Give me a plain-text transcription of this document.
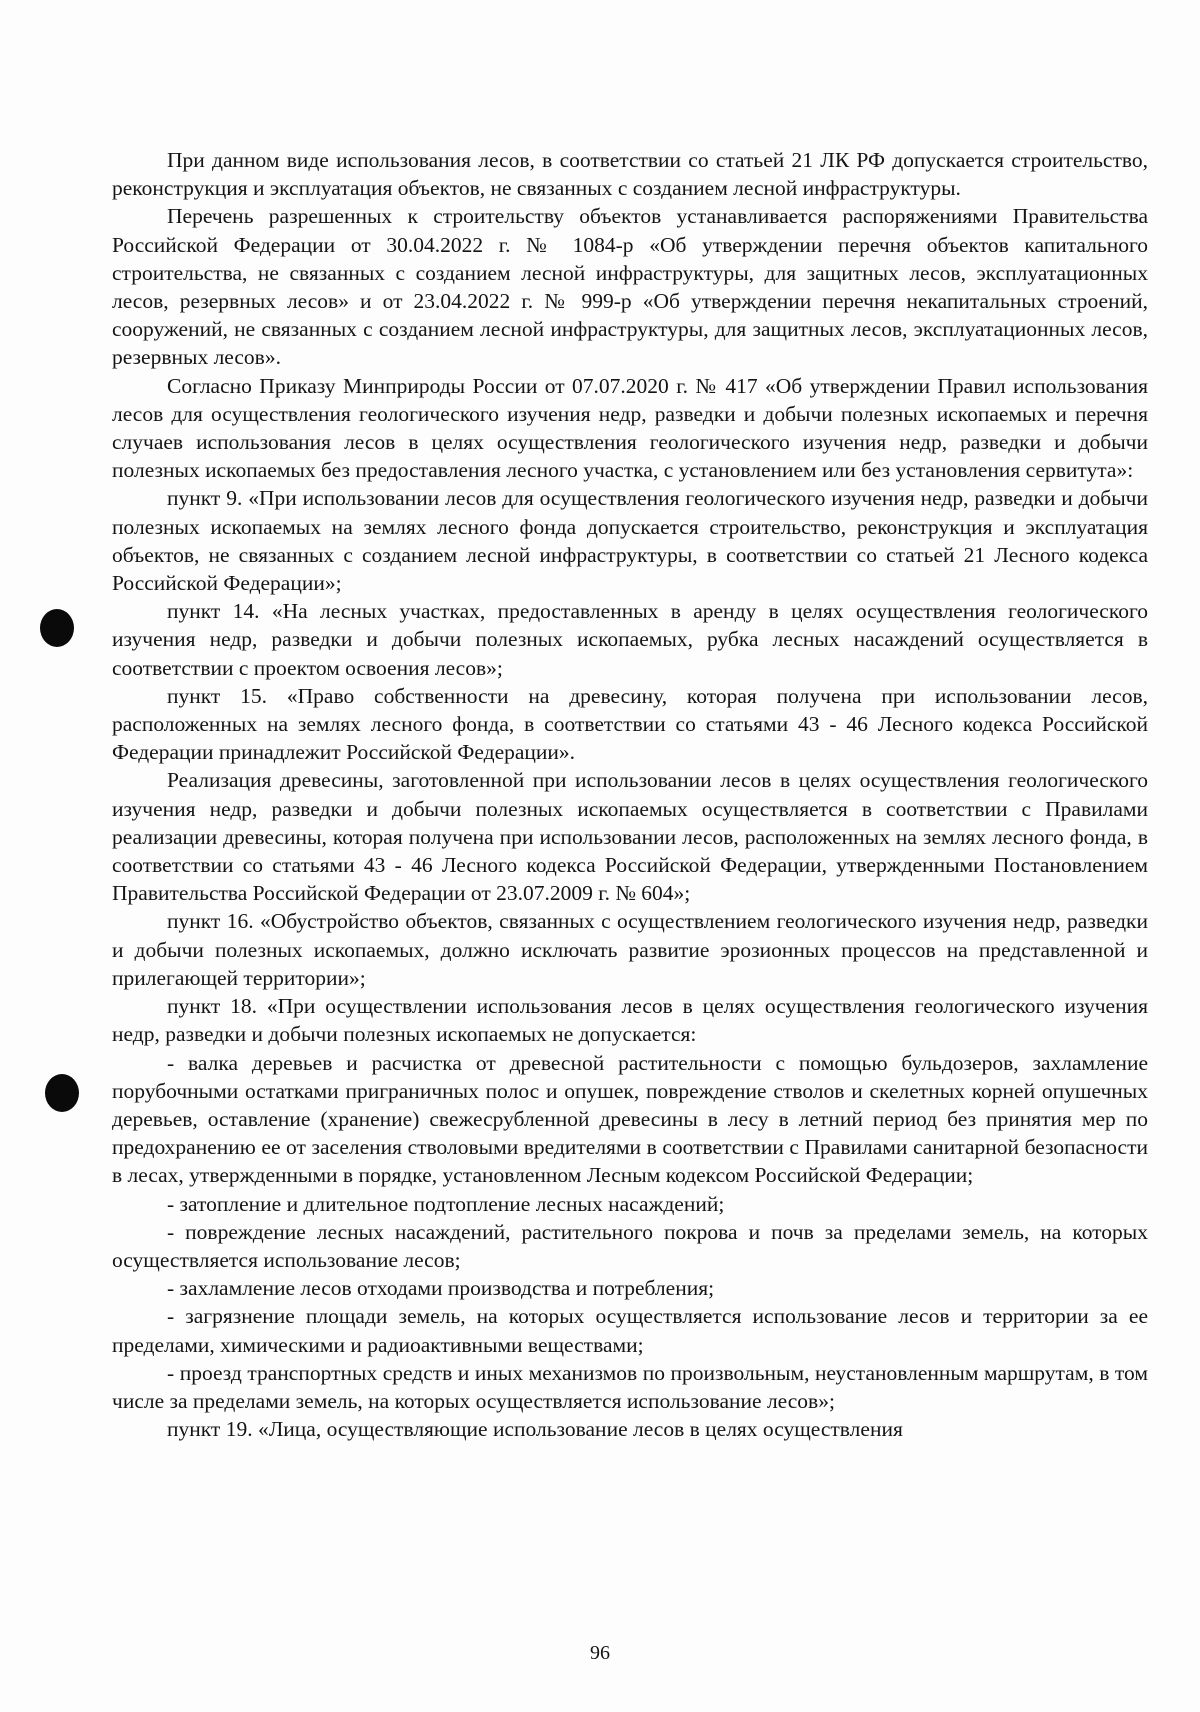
При данном виде использования лесов, в соответствии со статьей 21 ЛК РФ допускается строительство, реконструкция и эксплуатация объектов, не связанных с созданием лесной инфраструктуры.

Перечень разрешенных к строительству объектов устанавливается распоряжениями Правительства Российской Федерации от 30.04.2022 г. № 1084-р «Об утверждении перечня объектов капитального строительства, не связанных с созданием лесной инфраструктуры, для защитных лесов, эксплуатационных лесов, резервных лесов» и от 23.04.2022 г. № 999-р «Об утверждении перечня некапитальных строений, сооружений, не связанных с созданием лесной инфраструктуры, для защитных лесов, эксплуатационных лесов, резервных лесов».

Согласно Приказу Минприроды России от 07.07.2020 г. № 417 «Об утверждении Правил использования лесов для осуществления геологического изучения недр, разведки и добычи полезных ископаемых и перечня случаев использования лесов в целях осуществления геологического изучения недр, разведки и добычи полезных ископаемых без предоставления лесного участка, с установлением или без установления сервитута»:

пункт 9. «При использовании лесов для осуществления геологического изучения недр, разведки и добычи полезных ископаемых на землях лесного фонда допускается строительство, реконструкция и эксплуатация объектов, не связанных с созданием лесной инфраструктуры, в соответствии со статьей 21 Лесного кодекса Российской Федерации»;

пункт 14. «На лесных участках, предоставленных в аренду в целях осуществления геологического изучения недр, разведки и добычи полезных ископаемых, рубка лесных насаждений осуществляется в соответствии с проектом освоения лесов»;

пункт 15. «Право собственности на древесину, которая получена при использовании лесов, расположенных на землях лесного фонда, в соответствии со статьями 43 - 46 Лесного кодекса Российской Федерации принадлежит Российской Федерации».

Реализация древесины, заготовленной при использовании лесов в целях осуществления геологического изучения недр, разведки и добычи полезных ископаемых осуществляется в соответствии с Правилами реализации древесины, которая получена при использовании лесов, расположенных на землях лесного фонда, в соответствии со статьями 43 - 46 Лесного кодекса Российской Федерации, утвержденными Постановлением Правительства Российской Федерации от 23.07.2009 г. № 604»;

пункт 16. «Обустройство объектов, связанных с осуществлением геологического изучения недр, разведки и добычи полезных ископаемых, должно исключать развитие эрозионных процессов на представленной и прилегающей территории»;

пункт 18. «При осуществлении использования лесов в целях осуществления геологического изучения недр, разведки и добычи полезных ископаемых не допускается:

- валка деревьев и расчистка от древесной растительности с помощью бульдозеров, захламление порубочными остатками приграничных полос и опушек, повреждение стволов и скелетных корней опушечных деревьев, оставление (хранение) свежесрубленной древесины в лесу в летний период без принятия мер по предохранению ее от заселения стволовыми вредителями в соответствии с Правилами санитарной безопасности в лесах, утвержденными в порядке, установленном Лесным кодексом Российской Федерации;

- затопление и длительное подтопление лесных насаждений;

- повреждение лесных насаждений, растительного покрова и почв за пределами земель, на которых осуществляется использование лесов;

- захламление лесов отходами производства и потребления;

- загрязнение площади земель, на которых осуществляется использование лесов и территории за ее пределами, химическими и радиоактивными веществами;

- проезд транспортных средств и иных механизмов по произвольным, неустановленным маршрутам, в том числе за пределами земель, на которых осуществляется использование лесов»;

пункт 19. «Лица, осуществляющие использование лесов в целях осуществления

96
